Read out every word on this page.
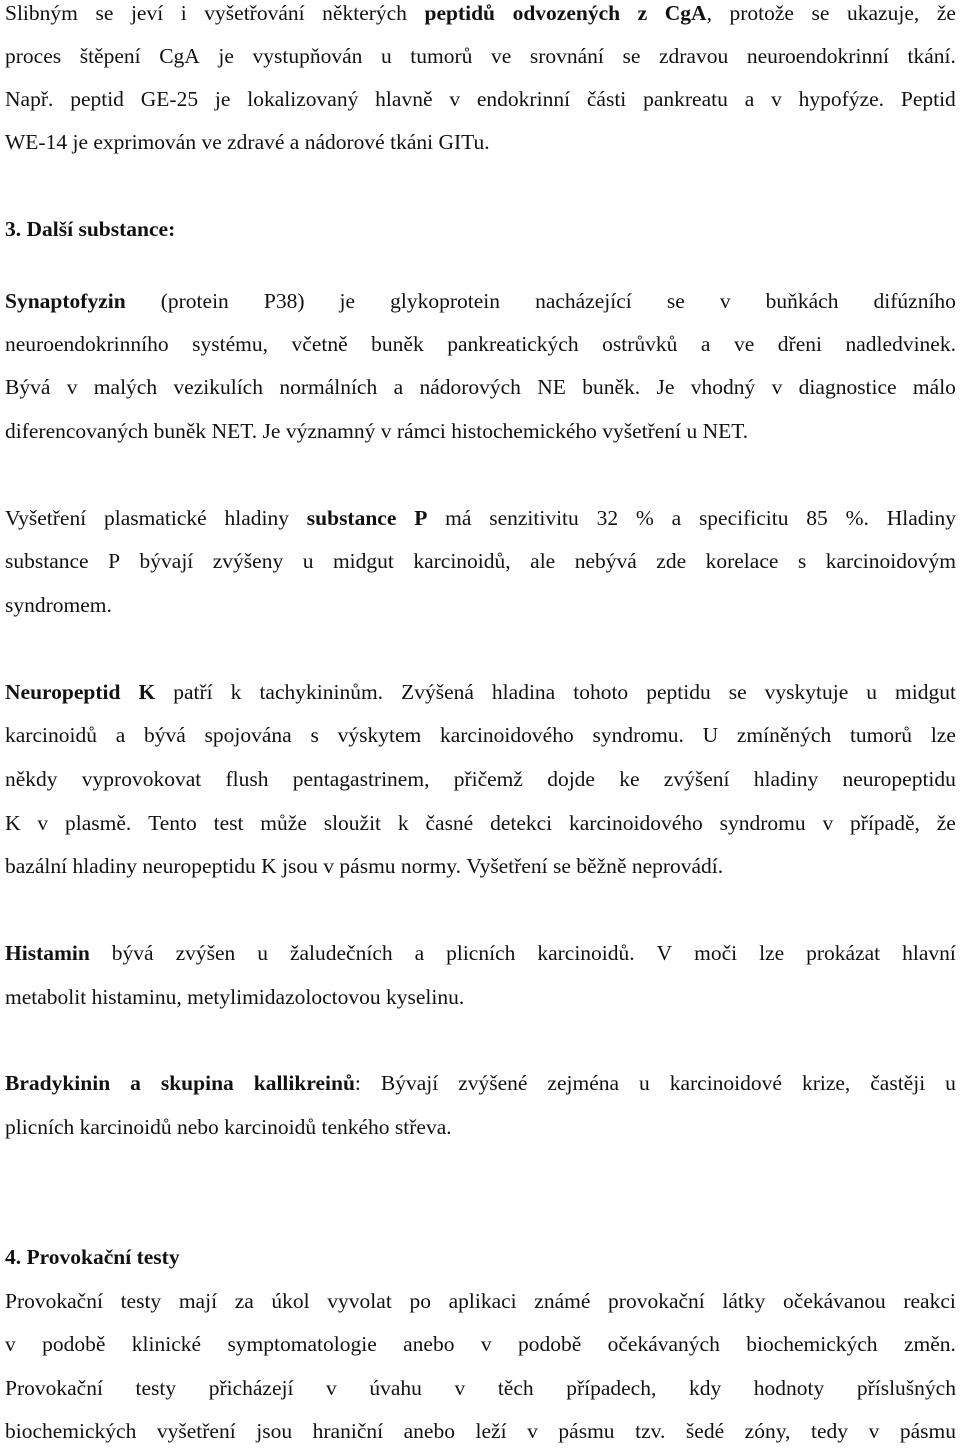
Slibným se jeví i vyšetřování některých peptidů odvozených z CgA, protože se ukazuje, že
proces štěpení CgA je vystupňován u tumorů ve srovnání se zdravou neuroendokrinní tkání.
Např. peptid GE-25 je lokalizovaný hlavně v endokrinní části pankreatu a v hypofýze. Peptid
WE-14 je exprimován ve zdravé a nádorové tkáni GITu.
3. Další substance:
Synaptofyzin (protein P38) je glykoprotein nacházející se v buňkách difúzního
neuroendokrinního systému, včetně buněk pankreatických ostrůvků a ve dřeni nadledvinek.
Bývá v malých vezikulích normálních a nádorových NE buněk. Je vhodný v diagnostice málo
diferencovaných buněk NET. Je významný v rámci histochemického vyšetření u NET.
Vyšetření plasmatické hladiny substance P má senzitivitu 32 % a specificitu 85 %. Hladiny
substance P bývají zvýšeny u midgut karcinoidů, ale nebývá zde korelace s karcinoidovým
syndromem.
Neuropeptid K patří k tachykininům. Zvýšená hladina tohoto peptidu se vyskytuje u midgut
karcinoidů a bývá spojována s výskytem karcinoidového syndromu. U zmíněných tumorů lze
někdy vyprovokovat flush pentagastrinem, přičemž dojde ke zvýšení hladiny neuropeptidu
K v plasmě. Tento test může sloužit k časné detekci karcinoidového syndromu v případě, že
bazální hladiny neuropeptidu K jsou v pásmu normy. Vyšetření se běžně neprovádí.
Histamin bývá zvýšen u žaludečních a plicních karcinoidů. V moči lze prokázat hlavní
metabolit histaminu, metylimidazoloctovou kyselinu.
Bradykinin a skupina kallikreinů: Bývají zvýšené zejména u karcinoidové krize, častěji u
plicních karcinoidů nebo karcinoidů tenkého střeva.
4. Provokační testy
Provokační testy mají za úkol vyvolat po aplikaci známé provokační látky očekávanou reakci
v podobě klinické symptomatologie anebo v podobě očekávaných biochemických změn.
Provokační testy přicházejí v úvahu v těch případech, kdy hodnoty příslušných
biochemických vyšetření jsou hraniční anebo leží v pásmu tzv. šedé zóny, tedy v pásmu
